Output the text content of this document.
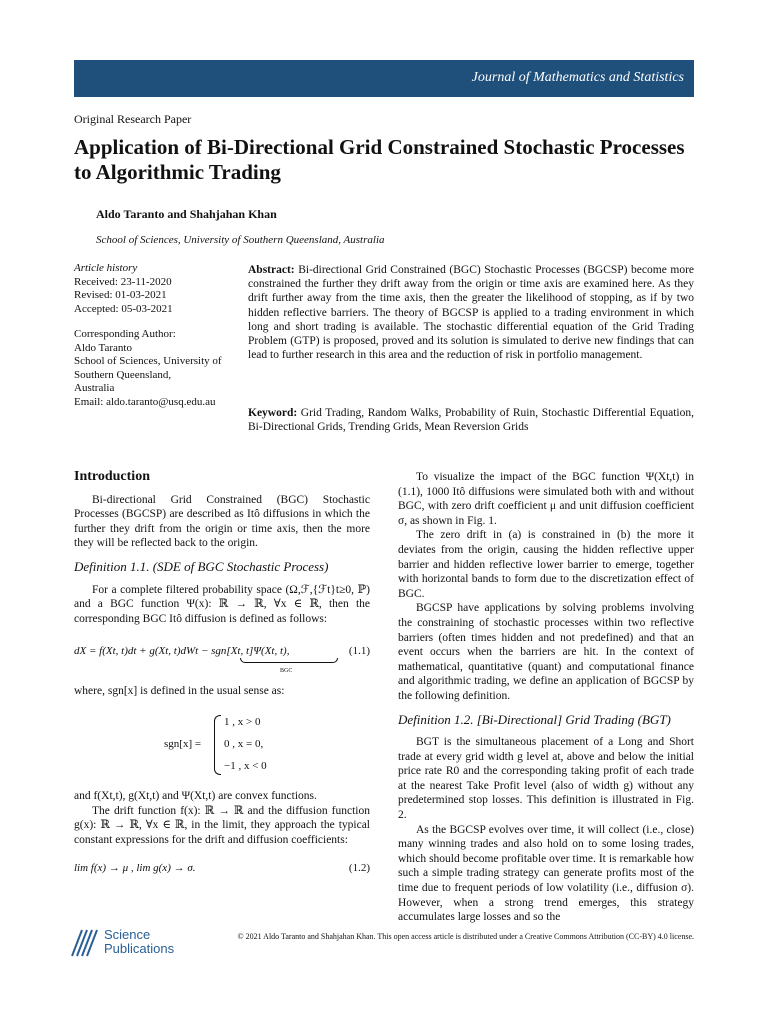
Journal of Mathematics and Statistics
Original Research Paper
Application of Bi-Directional Grid Constrained Stochastic Processes to Algorithmic Trading
Aldo Taranto and Shahjahan Khan
School of Sciences, University of Southern Queensland, Australia
Article history
Received: 23-11-2020
Revised: 01-03-2021
Accepted: 05-03-2021
Corresponding Author:
Aldo Taranto
School of Sciences, University of Southern Queensland,
Australia
Email: aldo.taranto@usq.edu.au
Abstract: Bi-directional Grid Constrained (BGC) Stochastic Processes (BGCSP) become more constrained the further they drift away from the origin or time axis are examined here. As they drift further away from the time axis, then the greater the likelihood of stopping, as if by two hidden reflective barriers. The theory of BGCSP is applied to a trading environment in which long and short trading is available. The stochastic differential equation of the Grid Trading Problem (GTP) is proposed, proved and its solution is simulated to derive new findings that can lead to further research in this area and the reduction of risk in portfolio management.
Keyword: Grid Trading, Random Walks, Probability of Ruin, Stochastic Differential Equation, Bi-Directional Grids, Trending Grids, Mean Reversion Grids
Introduction

Bi-directional Grid Constrained (BGC) Stochastic Processes (BGCSP) are described as Itô diffusions in which the further they drift from the origin or time axis, then the more they will be reflected back to the origin.

Definition 1.1. (SDE of BGC Stochastic Process)

For a complete filtered probability space (Ω,ℱ,{ℱt}t≥0, ℙ) and a BGC function Ψ(x): ℝ → ℝ, ∀x ∈ ℝ, then the corresponding BGC Itô diffusion is defined as follows:

dX = f(Xt, t)dt + g(Xt, t)dWt − sgn[Xt, t]Ψ(Xt, t),
BGC
(1.1)

where, sgn[x] is defined in the usual sense as:

sgn[x] =
1 , x > 0
0 , x = 0,
−1 , x < 0

and f(Xt,t), g(Xt,t) and Ψ(Xt,t) are convex functions.

The drift function f(x): ℝ → ℝ and the diffusion function g(x): ℝ → ℝ, ∀x ∈ ℝ, in the limit, they approach the typical constant expressions for the drift and diffusion coefficients:

lim f(x) → μ , lim g(x) → σ.	(1.2)

To visualize the impact of the BGC function Ψ(Xt,t) in (1.1), 1000 Itô diffusions were simulated both with and without BGC, with zero drift coefficient μ and unit diffusion coefficient σ, as shown in Fig. 1.

The zero drift in (a) is constrained in (b) the more it deviates from the origin, causing the hidden reflective upper barrier and hidden reflective lower barrier to emerge, together with horizontal bands to form due to the discretization effect of BGC.

BGCSP have applications by solving problems involving the constraining of stochastic processes within two reflective barriers (often times hidden and not predefined) and that an event occurs when the barriers are hit. In the context of mathematical, quantitative (quant) and computational finance and algorithmic trading, we define an application of BGCSP by the following definition.

Definition 1.2. [Bi-Directional] Grid Trading (BGT)

BGT is the simultaneous placement of a Long and Short trade at every grid width g level at, above and below the initial price rate R0 and the corresponding taking profit of each trade at the nearest Take Profit level (also of width g) without any predetermined stop losses. This definition is illustrated in Fig. 2.

As the BGCSP evolves over time, it will collect (i.e., close) many winning trades and also hold on to some losing trades, which should become profitable over time. It is remarkable how such a simple trading strategy can generate profits most of the time due to frequent periods of low volatility (i.e., diffusion σ). However, when a strong trend emerges, this strategy accumulates large losses and so the

Science
Publications
© 2021 Aldo Taranto and Shahjahan Khan. This open access article is distributed under a Creative Commons Attribution (CC-BY) 4.0 license.
